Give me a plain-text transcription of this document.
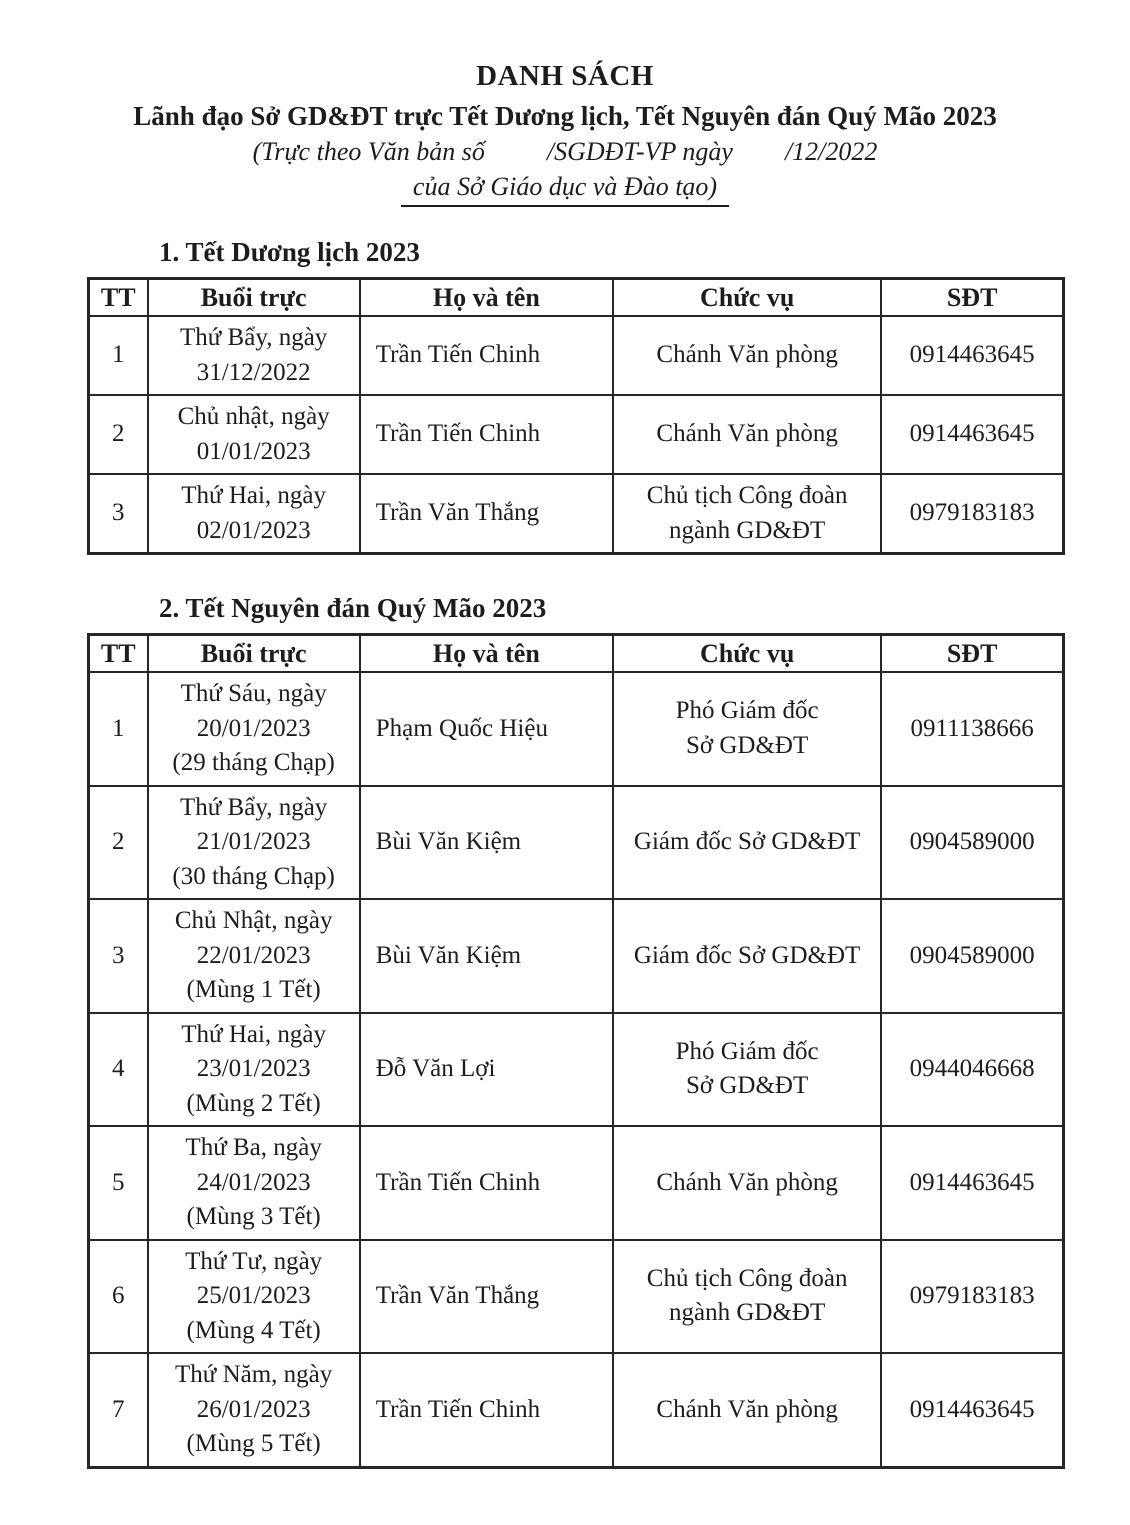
DANH SÁCH
Lãnh đạo Sở GD&ĐT trực Tết Dương lịch, Tết Nguyên đán Quý Mão 2023
(Trực theo Văn bản số /SGDĐT-VP ngày /12/2022
của Sở Giáo dục và Đào tạo)
1. Tết Dương lịch 2023
TT	Buổi trực	Họ và tên	Chức vụ	SĐT
1	Thứ Bẩy, ngày
31/12/2022	Trần Tiến Chinh	Chánh Văn phòng	0914463645
2	Chủ nhật, ngày
01/01/2023	Trần Tiến Chinh	Chánh Văn phòng	0914463645
3	Thứ Hai, ngày
02/01/2023	Trần Văn Thắng	Chủ tịch Công đoàn
ngành GD&ĐT	0979183183
2. Tết Nguyên đán Quý Mão 2023
TT	Buổi trực	Họ và tên	Chức vụ	SĐT
1	Thứ Sáu, ngày
20/01/2023
(29 tháng Chạp)	Phạm Quốc Hiệu	Phó Giám đốc
Sở GD&ĐT	0911138666
2	Thứ Bẩy, ngày
21/01/2023
(30 tháng Chạp)	Bùi Văn Kiệm	Giám đốc Sở GD&ĐT	0904589000
3	Chủ Nhật, ngày
22/01/2023
(Mùng 1 Tết)	Bùi Văn Kiệm	Giám đốc Sở GD&ĐT	0904589000
4	Thứ Hai, ngày
23/01/2023
(Mùng 2 Tết)	Đỗ Văn Lợi	Phó Giám đốc
Sở GD&ĐT	0944046668
5	Thứ Ba, ngày
24/01/2023
(Mùng 3 Tết)	Trần Tiến Chinh	Chánh Văn phòng	0914463645
6	Thứ Tư, ngày
25/01/2023
(Mùng 4 Tết)	Trần Văn Thắng	Chủ tịch Công đoàn
ngành GD&ĐT	0979183183
7	Thứ Năm, ngày
26/01/2023
(Mùng 5 Tết)	Trần Tiến Chinh	Chánh Văn phòng	0914463645
